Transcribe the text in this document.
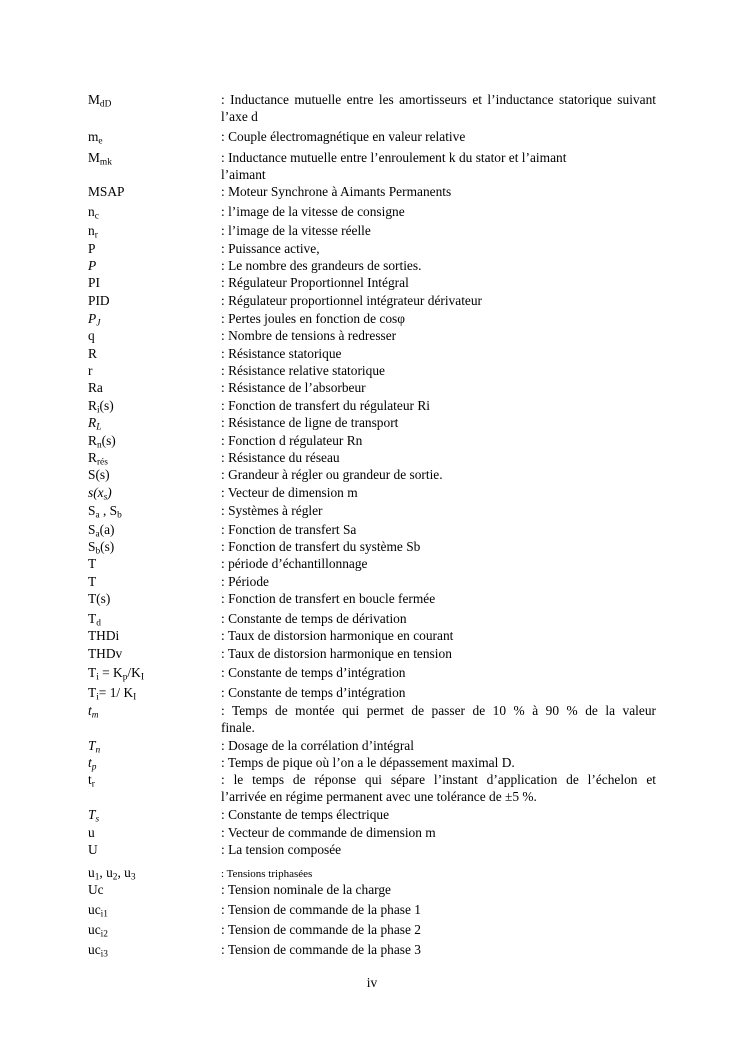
$M_{dD}$	: Inductance mutuelle entre les amortisseurs et l’inductance statorique suivant l’axe d
$m_e$	: Couple électromagnétique en valeur relative
$M_{mk}$	: Inductance mutuelle entre l’enroulement k du stator et l’aimant
l’aimant
MSAP	: Moteur Synchrone à Aimants Permanents
$n_c$	: l’image de la vitesse de consigne
$n_r$	: l’image de la vitesse réelle
P	: Puissance active,
P	: Le nombre des grandeurs de sorties.
PI	: Régulateur Proportionnel Intégral
PID	: Régulateur proportionnel intégrateur dérivateur
$P_J$	: Pertes joules en fonction de cosφ
q	: Nombre de tensions à redresser
R	: Résistance statorique
r	: Résistance relative statorique
Ra	: Résistance de l’absorbeur
$R_i(s)$	: Fonction de transfert du régulateur Ri
$R_L$	: Résistance de ligne de transport
$R_n(s)$	: Fonction d régulateur Rn
$R_{rés}$	: Résistance du réseau
S(s)	: Grandeur à régler ou grandeur de sortie.
$s(x_s)$	: Vecteur de dimension m
$S_a$ , $S_b$	: Systèmes à régler
$S_a(a)$	: Fonction de transfert Sa
$S_b(s)$	: Fonction de transfert du système Sb
T	: période d’échantillonnage
T	: Période
T(s)	: Fonction de transfert en boucle fermée
$T_d$	: Constante de temps de dérivation
THDi	: Taux de distorsion harmonique en courant
THDv	: Taux de distorsion harmonique en tension
$T_i = K_p/K_I$	: Constante de temps d’intégration
$T_i= 1/$ $K_I$	: Constante de temps d’intégration
$t_m$	: Temps de montée qui permet de passer de 10 % à 90 % de la valeur
finale.
$T_n$	: Dosage de la corrélation d’intégral
$t_p$	: Temps de pique où l’on a le dépassement maximal D.
$t_r$	: le temps de réponse qui sépare l’instant d’application de l’échelon et
l’arrivée en régime permanent avec une tolérance de ±5 %.
$T_s$	: Constante de temps électrique
u	: Vecteur de commande de dimension m
U	: La tension composée
$u_1$, $u_2$, $u_3$	: Tensions triphasées
Uc	: Tension nominale de la charge
$uc_{i1}$	: Tension de commande de la phase 1
$uc_{i2}$	: Tension de commande de la phase 2
$uc_{i3}$	: Tension de commande de la phase 3
iv
